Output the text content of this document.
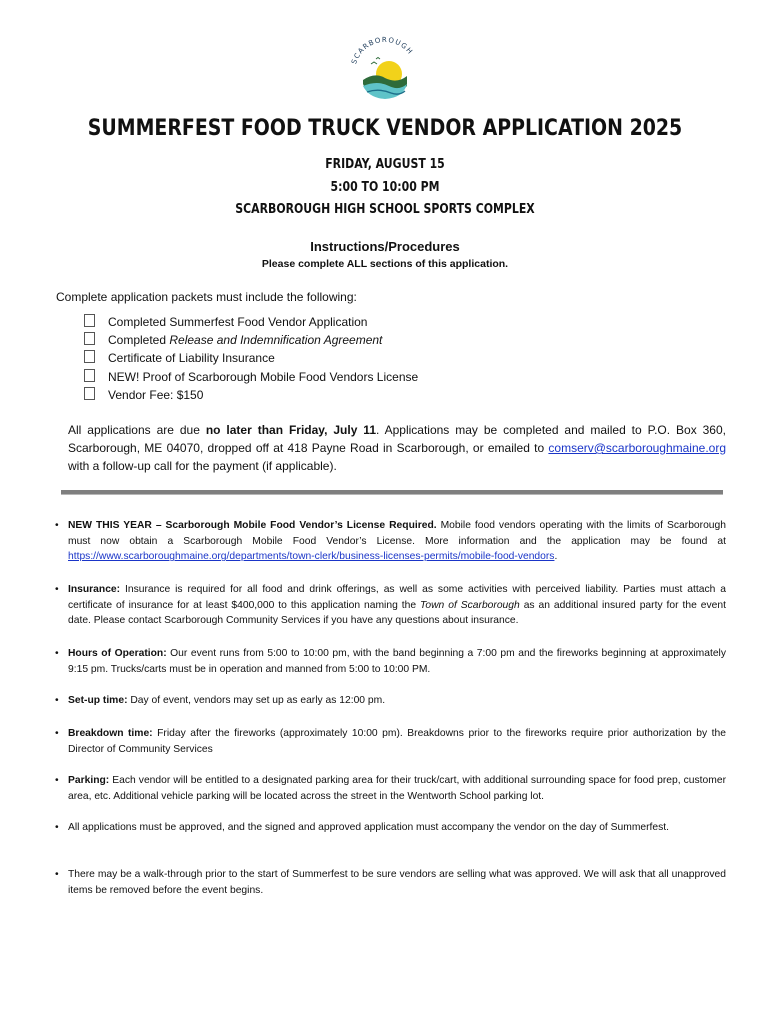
SCARBOROUGH
SUMMERFEST FOOD TRUCK VENDOR APPLICATION 2025
FRIDAY, AUGUST 15
5:00 TO 10:00 PM
SCARBOROUGH HIGH SCHOOL SPORTS COMPLEX
Instructions/Procedures
Please complete ALL sections of this application.
Complete application packets must include the following:
Completed Summerfest Food Vendor Application
Completed Release and Indemnification Agreement
Certificate of Liability Insurance
NEW! Proof of Scarborough Mobile Food Vendors License
Vendor Fee: $150
All applications are due no later than Friday, July 11. Applications may be completed and mailed to P.O. Box 360, Scarborough, ME 04070, dropped off at 418 Payne Road in Scarborough, or emailed to comserv@scarboroughmaine.org with a follow-up call for the payment (if applicable).
• NEW THIS YEAR – Scarborough Mobile Food Vendor’s License Required. Mobile food vendors operating with the limits of Scarborough must now obtain a Scarborough Mobile Food Vendor’s License. More information and the application may be found at https://www.scarboroughmaine.org/departments/town-clerk/business-licenses-permits/mobile-food-vendors.
• Insurance: Insurance is required for all food and drink offerings, as well as some activities with perceived liability. Parties must attach a certificate of insurance for at least $400,000 to this application naming the Town of Scarborough as an additional insured party for the event date. Please contact Scarborough Community Services if you have any questions about insurance.
• Hours of Operation: Our event runs from 5:00 to 10:00 pm, with the band beginning a 7:00 pm and the fireworks beginning at approximately 9:15 pm. Trucks/carts must be in operation and manned from 5:00 to 10:00 PM.
• Set-up time: Day of event, vendors may set up as early as 12:00 pm.
• Breakdown time: Friday after the fireworks (approximately 10:00 pm). Breakdowns prior to the fireworks require prior authorization by the Director of Community Services
• Parking: Each vendor will be entitled to a designated parking area for their truck/cart, with additional surrounding space for food prep, customer area, etc. Additional vehicle parking will be located across the street in the Wentworth School parking lot.
• All applications must be approved, and the signed and approved application must accompany the vendor on the day of Summerfest.
• There may be a walk-through prior to the start of Summerfest to be sure vendors are selling what was approved. We will ask that all unapproved items be removed before the event begins.
